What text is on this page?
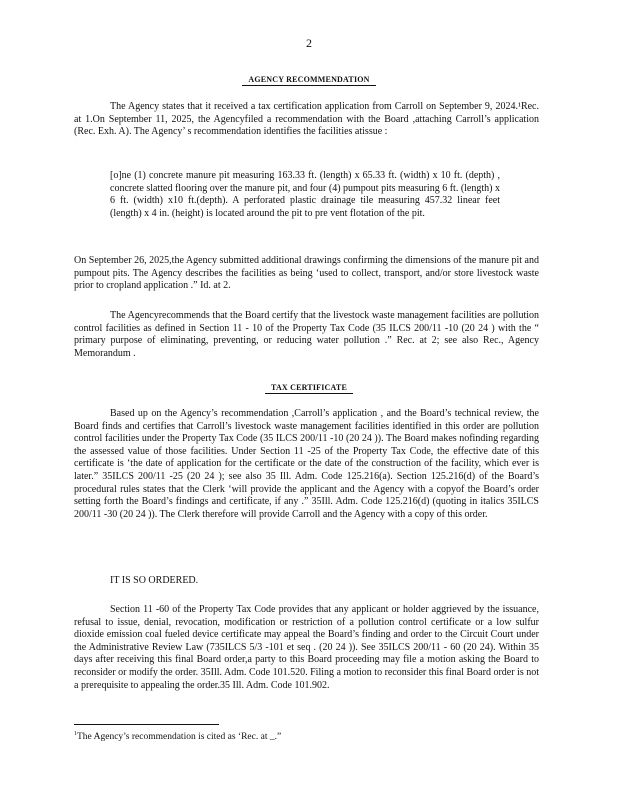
2
AGENCY RECOMMENDATION

The Agency states that it received a tax certification application from Carroll on September 9, 2024.¹Rec. at 1.On September 11, 2025, the Agencyfiled a recommendation with the Board ,attaching Carroll’s application (Rec. Exh. A). The Agency’ s recommendation identifies the facilities atissue :

[o]ne (1) concrete manure pit measuring 163.33 ft. (length) x 65.33 ft. (width) x 10 ft. (depth) , concrete slatted flooring over the manure pit, and four (4) pumpout pits measuring 6 ft. (length) x 6 ft. (width) x10 ft.(depth). A perforated plastic drainage tile measuring 457.32 linear feet (length) x 4 in. (height) is located around the pit to pre vent flotation of the pit.

On September 26, 2025,the Agency submitted additional drawings confirming the dimensions of the manure pit and pumpout pits. The Agency describes the facilities as being ‘used to collect, transport, and/or store livestock waste prior to cropland application .” Id. at 2.

The Agencyrecommends that the Board certify that the livestock waste management facilities are pollution control facilities as defined in Section 11 - 10 of the Property Tax Code (35 ILCS 200/11 -10 (20 24 ) with the “ primary purpose of eliminating, preventing, or reducing water pollution .” Rec. at 2; see also Rec., Agency Memorandum .

TAX CERTIFICATE

Based up on the Agency’s recommendation ,Carroll’s application , and the Board’s technical review, the Board finds and certifies that Carroll’s livestock waste management facilities identified in this order are pollution control facilities under the Property Tax Code (35 ILCS 200/11 -10 (20 24 )). The Board makes nofinding regarding the assessed value of those facilities. Under Section 11 -25 of the Property Tax Code, the effective date of this certificate is ‘the date of application for the certificate or the date of the construction of the facility, which ever is later.” 35ILCS 200/11 -25 (20 24 ); see also 35 Ill. Adm. Code 125.216(a). Section 125.216(d) of the Board’s procedural rules states that the Clerk ‘will provide the applicant and the Agency with a copyof the Board’s order setting forth the Board’s findings and certificate, if any .” 35Ill. Adm. Code 125.216(d) (quoting in italics 35ILCS 200/11 -30 (20 24 )). The Clerk therefore will provide Carroll and the Agency with a copy of this order.

IT IS SO ORDERED.

Section 11 -60 of the Property Tax Code provides that any applicant or holder aggrieved by the issuance, refusal to issue, denial, revocation, modification or restriction of a pollution control certificate or a low sulfur dioxide emission coal fueled device certificate may appeal the Board’s finding and order to the Circuit Court under the Administrative Review Law (735ILCS 5/3 -101 et seq . (20 24 )). See 35ILCS 200/11 - 60 (20 24). Within 35 days after receiving this final Board order,a party to this Board proceeding may file a motion asking the Board to reconsider or modify the order. 35Ill. Adm. Code 101.520. Filing a motion to reconsider this final Board order is not a prerequisite to appealing the order.35 Ill. Adm. Code 101.902.

$^1$The Agency’s recommendation is cited as ‘Rec. at _.”
